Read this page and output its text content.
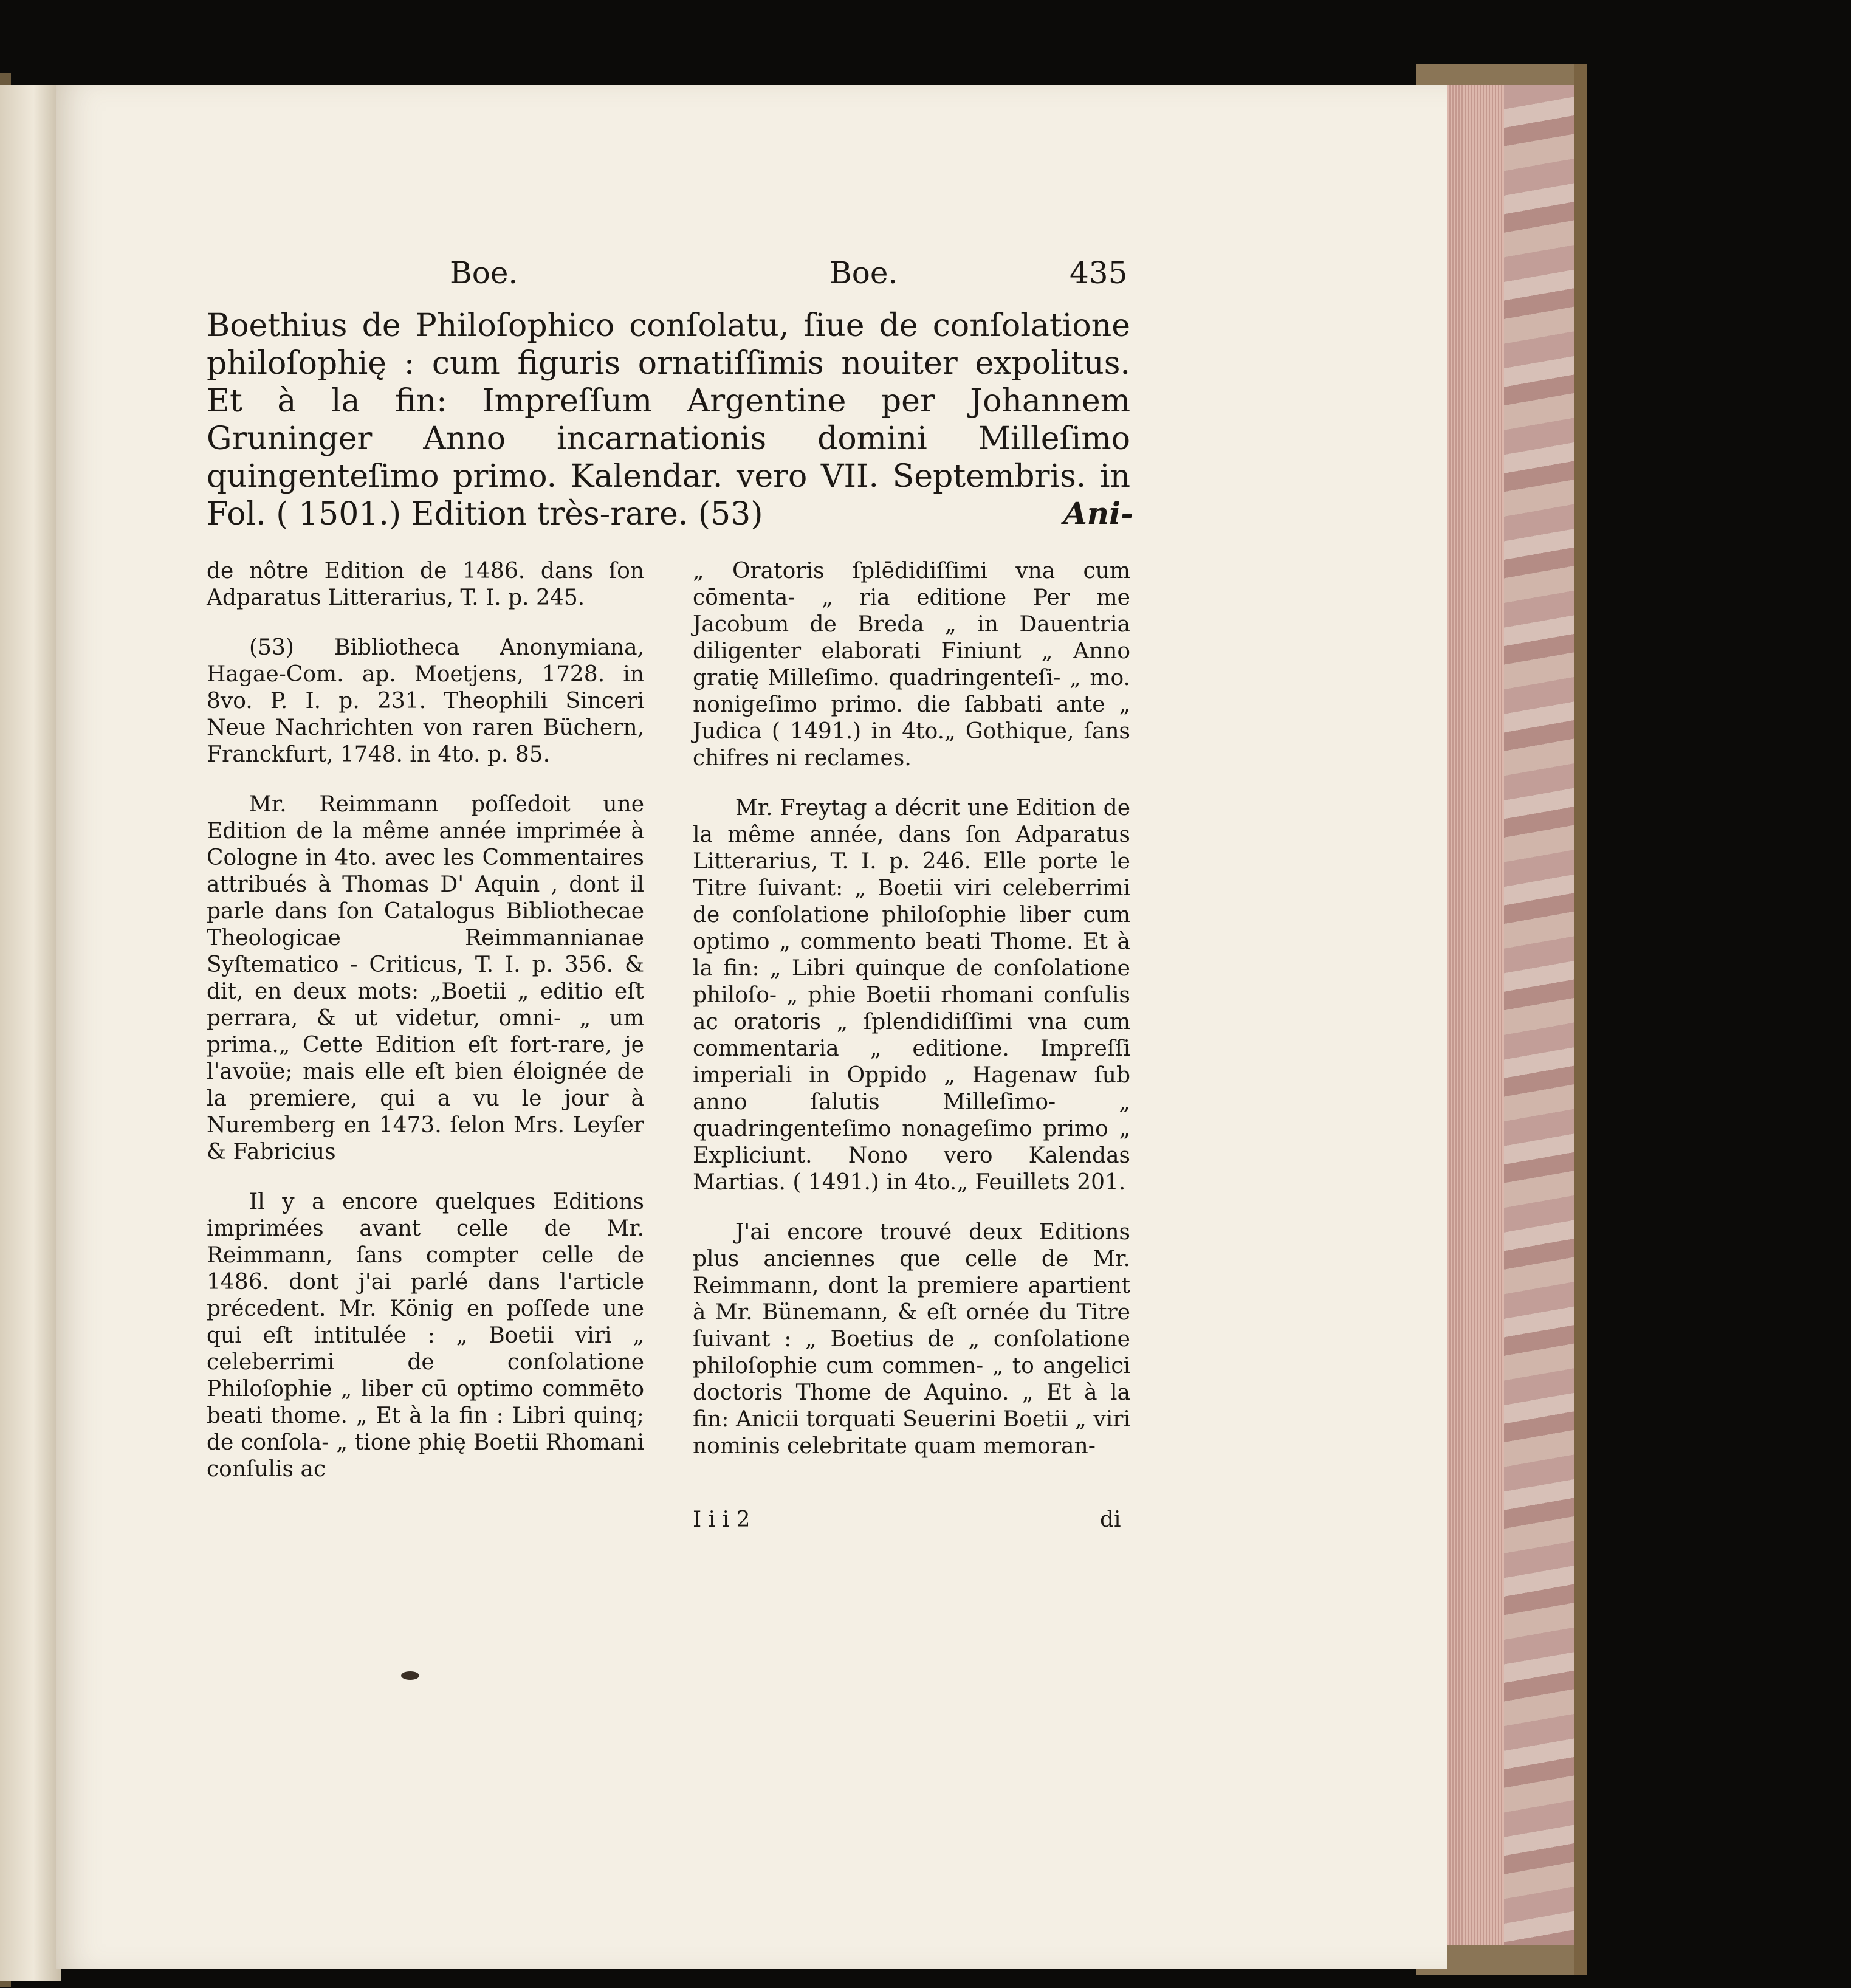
Boe.	Boe.	435
Boethius de Philoſophico conſolatu, ſiue de conſolatione philoſophię : cum figuris ornatiſſimis nouiter expolitus. Et à la fin: Impreſſum Argentine per Johannem Gruninger Anno incarnationis domini Milleſimo quingenteſimo primo. Kalendar. vero VII. Septembris. in Fol. ( 1501.) Edition très-rare. (53)	Ani-

de nôtre Edition de 1486. dans ſon Adparatus Litterarius, T. I. p. 245.

(53) Bibliotheca Anonymiana, Hagae-Com. ap. Moetjens, 1728. in 8vo. P. I. p. 231. Theophili Sinceri Neue Nachrichten von raren Büchern, Franckfurt, 1748. in 4to. p. 85.

Mr. Reimmann poſſedoit une Edition de la même année imprimée à Cologne in 4to. avec les Commentaires attribués à Thomas D' Aquin , dont il parle dans ſon Catalogus Bibliothecae Theologicae Reimmannianae Syſtematico - Criticus, T. I. p. 356. & dit, en deux mots: „Boetii „ editio eſt perrara, & ut videtur, omni- „ um prima.„ Cette Edition eſt fort-rare, je l'avoüe; mais elle eſt bien éloignée de la premiere, qui a vu le jour à Nuremberg en 1473. ſelon Mrs. Leyſer & Fabricius

Il y a encore quelques Editions imprimées avant celle de Mr. Reimmann, ſans compter celle de 1486. dont j'ai parlé dans l'article précedent. Mr. König en poſſede une qui eſt intitulée : „ Boetii viri „ celeberrimi de conſolatione Philoſophie „ liber cū optimo commēto beati thome. „ Et à la fin : Libri quinq; de conſola- „ tione phię Boetii Rhomani conſulis ac

„ Oratoris ſplēdidiſſimi vna cum cōmenta- „ ria editione Per me Jacobum de Breda „ in Dauentria diligenter elaborati Finiunt „ Anno gratię Milleſimo. quadringenteſi- „ mo. nonigeſimo primo. die ſabbati ante „ Judica ( 1491.) in 4to.„ Gothique, ſans chifres ni reclames.

Mr. Freytag a décrit une Edition de la même année, dans ſon Adparatus Litterarius, T. I. p. 246. Elle porte le Titre ſuivant: „ Boetii viri celeberrimi de conſolatione philoſophie liber cum optimo „ commento beati Thome. Et à la fin: „ Libri quinque de conſolatione philoſo- „ phie Boetii rhomani conſulis ac oratoris „ ſplendidiſſimi vna cum commentaria „ editione. Impreſſi imperiali in Oppido „ Hagenaw ſub anno ſalutis Milleſimo- „ quadringenteſimo nonageſimo primo „ Expliciunt. Nono vero Kalendas Martias. ( 1491.) in 4to.„ Feuillets 201.

J'ai encore trouvé deux Editions plus anciennes que celle de Mr. Reimmann, dont la premiere apartient à Mr. Bünemann, & eſt ornée du Titre ſuivant : „ Boetius de „ conſolatione philoſophie cum commen- „ to angelici doctoris Thome de Aquino. „ Et à la fin: Anicii torquati Seuerini Boetii „ viri nominis celebritate quam memoran-

I i i 2	di
